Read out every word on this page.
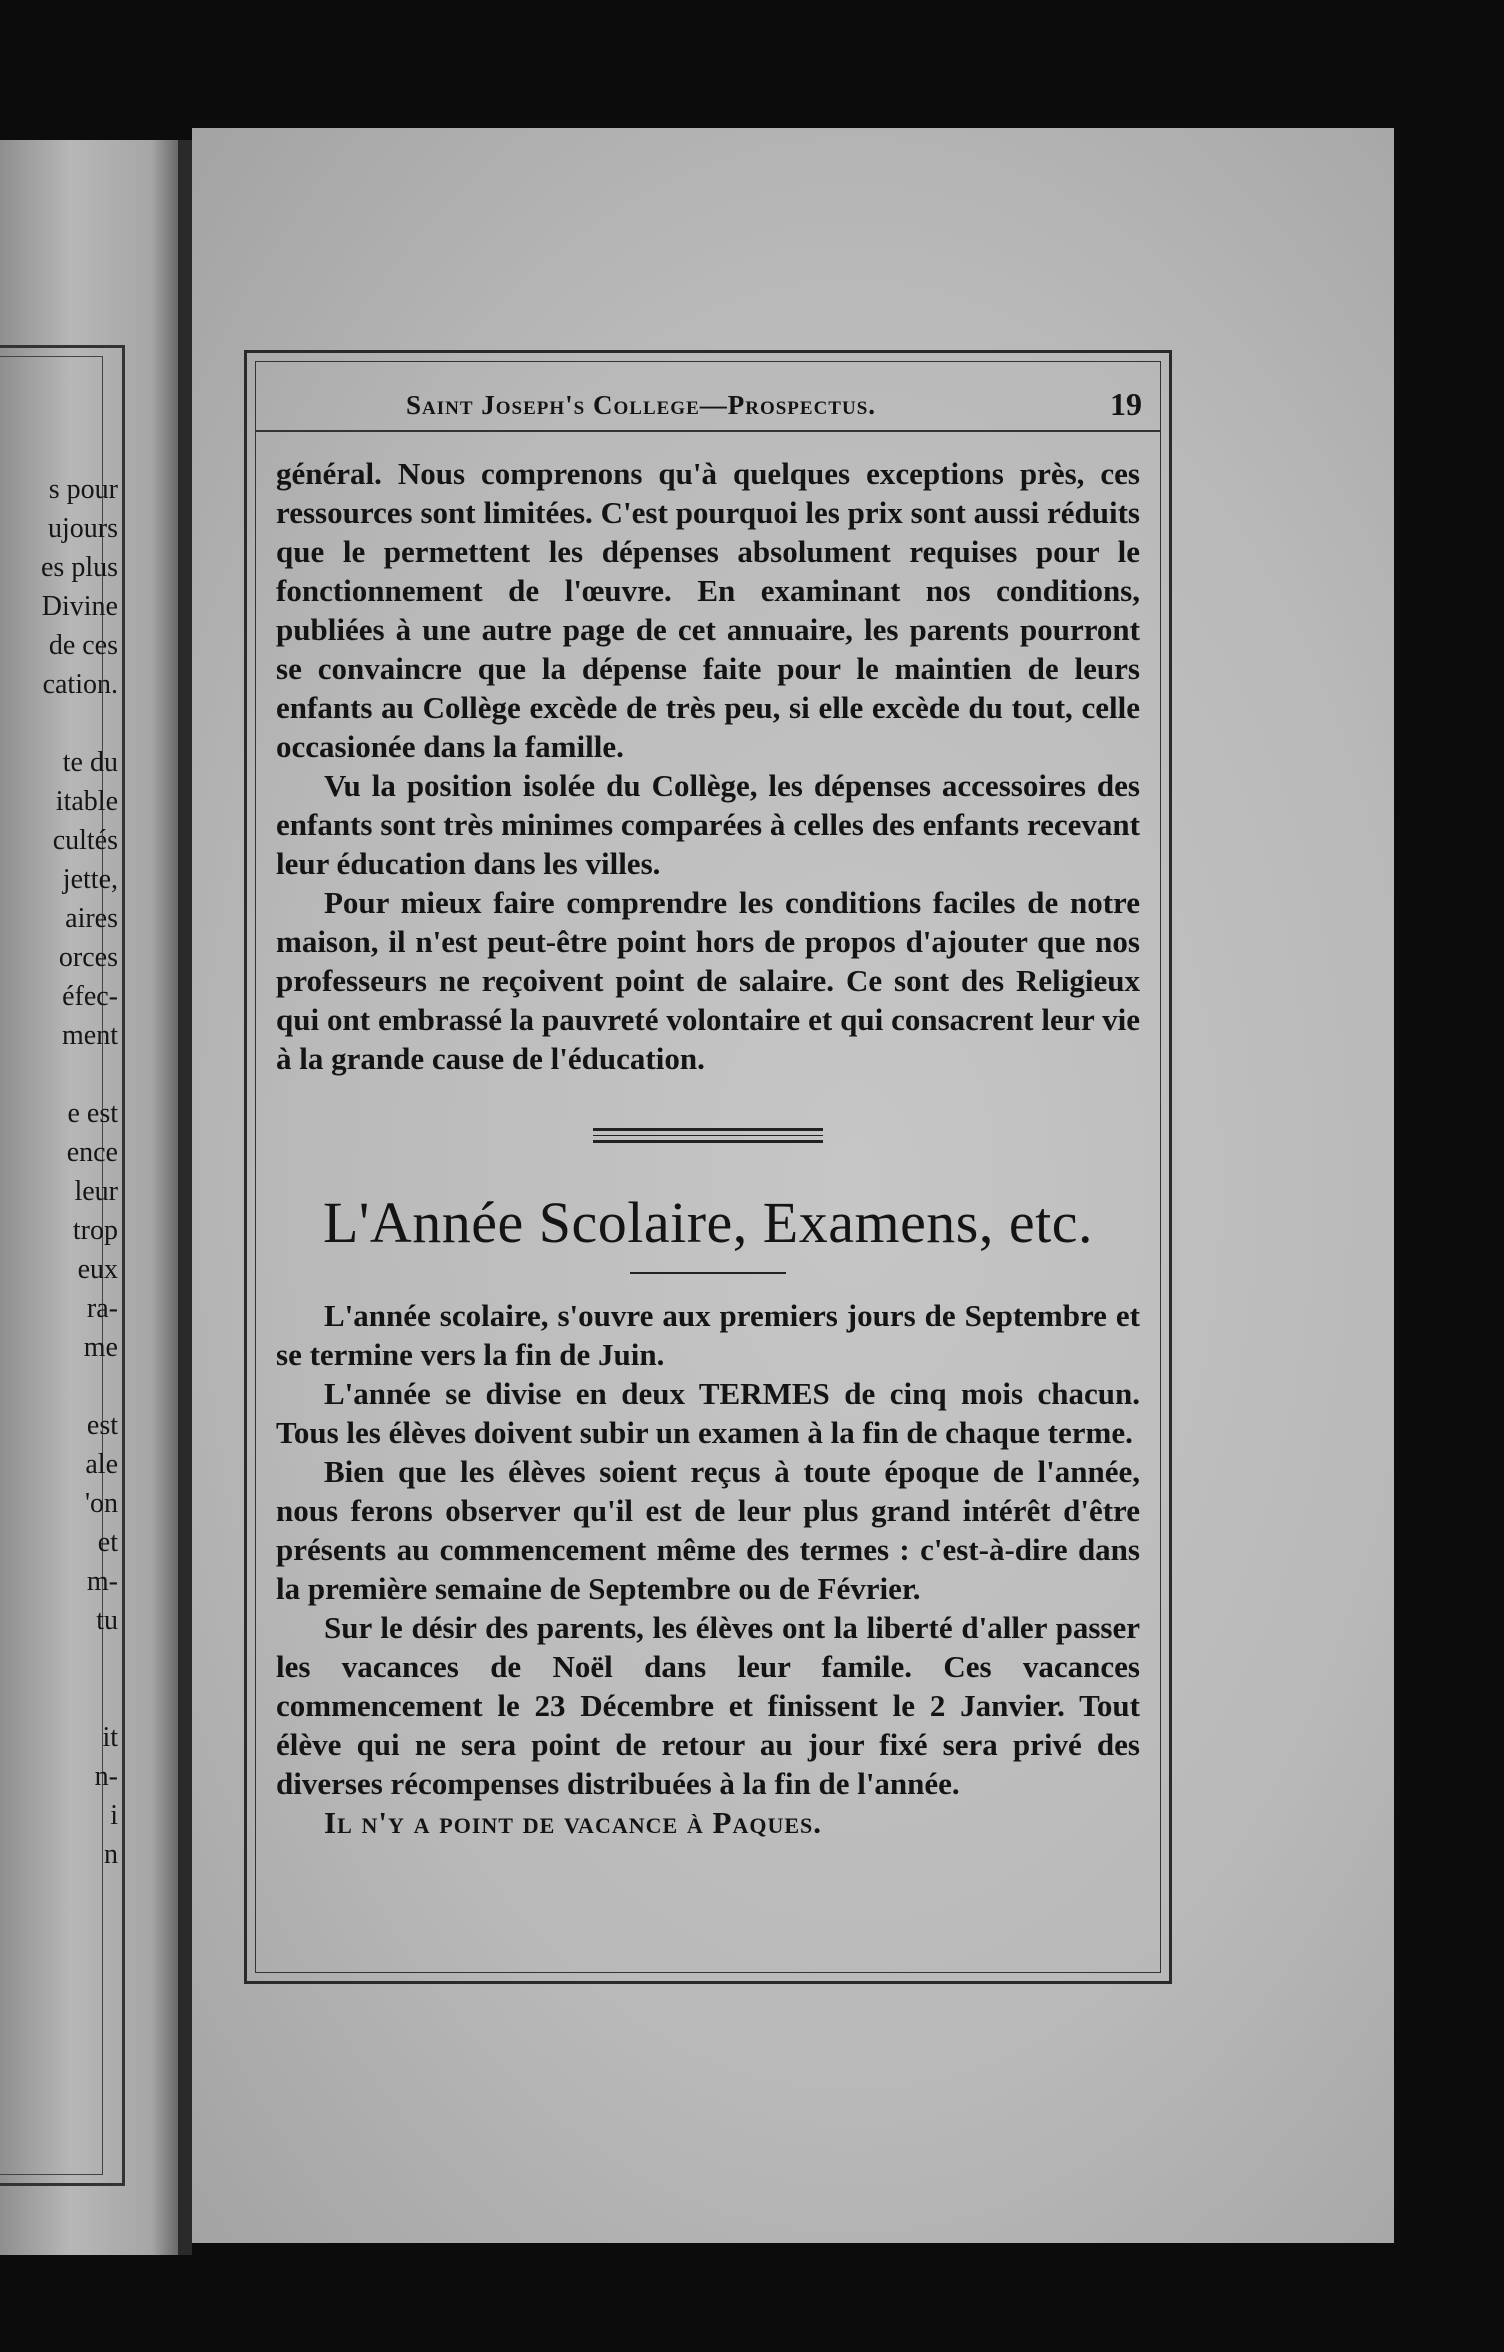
s pour
ujours
es plus
Divine
de ces
cation.
te du
itable
cultés
jette,
aires
orces
éfec-
ment
e est
ence
leur
trop
eux
ra-
me
est
ale
'on
et
m-
tu
it
n-
i
n
Saint Joseph's College—Prospectus.	19

général. Nous comprenons qu'à quelques exceptions près, ces ressources sont limitées. C'est pourquoi les prix sont aussi réduits que le permettent les dépenses absolument requises pour le fonctionnement de l'œuvre. En examinant nos conditions, publiées à une autre page de cet annuaire, les parents pourront se convaincre que la dépense faite pour le maintien de leurs enfants au Collège excède de très peu, si elle excède du tout, celle occasionée dans la famille.

Vu la position isolée du Collège, les dépenses accessoires des enfants sont très minimes comparées à celles des enfants recevant leur éducation dans les villes.

Pour mieux faire comprendre les conditions faciles de notre maison, il n'est peut-être point hors de propos d'ajouter que nos professeurs ne reçoivent point de salaire. Ce sont des Religieux qui ont embrassé la pauvreté volontaire et qui consacrent leur vie à la grande cause de l'éducation.

L'Année Scolaire, Examens, etc.

L'année scolaire, s'ouvre aux premiers jours de Septembre et se termine vers la fin de Juin.

L'année se divise en deux TERMES de cinq mois chacun. Tous les élèves doivent subir un examen à la fin de chaque terme.

Bien que les élèves soient reçus à toute époque de l'année, nous ferons observer qu'il est de leur plus grand intérêt d'être présents au commencement même des termes : c'est-à-dire dans la première semaine de Septembre ou de Février.

Sur le désir des parents, les élèves ont la liberté d'aller passer les vacances de Noël dans leur famile. Ces vacances commencement le 23 Décembre et finissent le 2 Janvier. Tout élève qui ne sera point de retour au jour fixé sera privé des diverses récompenses distribuées à la fin de l'année.

Il n'y a point de vacance à Paques.
